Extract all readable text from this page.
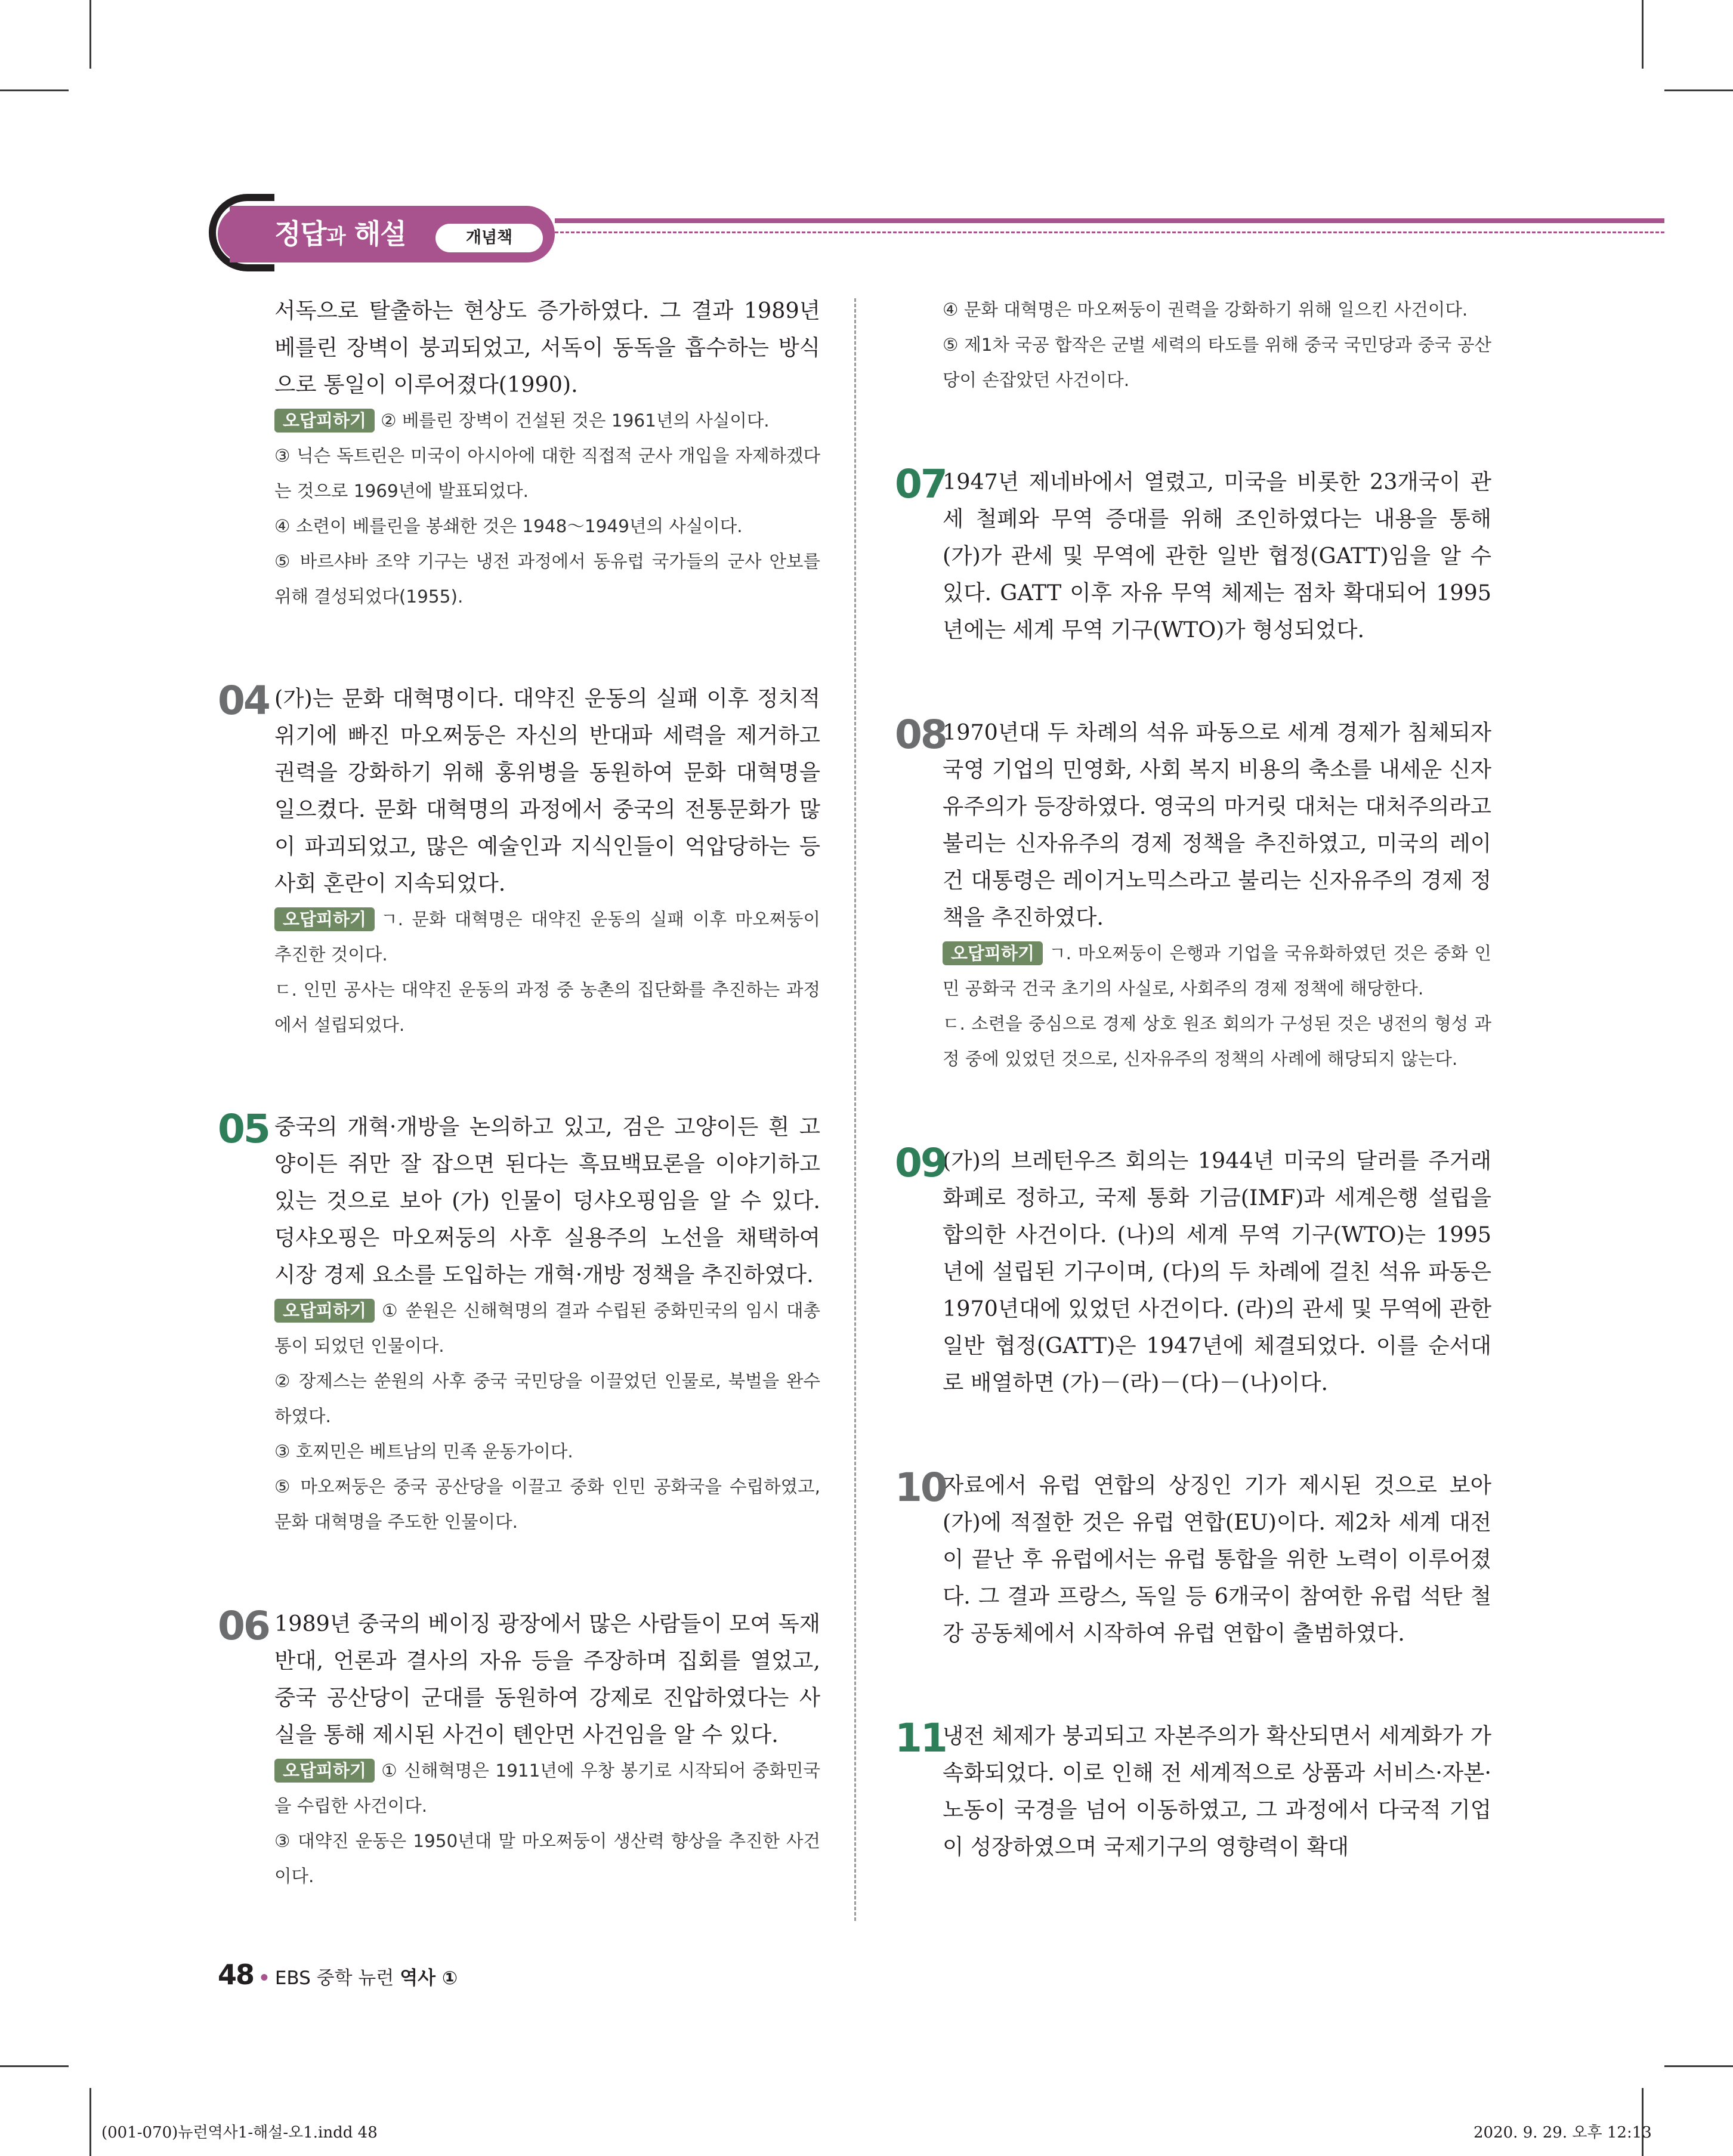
정답과 해설	개념책

서독으로 탈출하는 현상도 증가하였다. 그 결과 1989년 베를린 장벽이 붕괴되었고, 서독이 동독을 흡수하는 방식으로 통일이 이루어졌다(1990).

오답피하기 ② 베를린 장벽이 건설된 것은 1961년의 사실이다.

③ 닉슨 독트린은 미국이 아시아에 대한 직접적 군사 개입을 자제하겠다는 것으로 1969년에 발표되었다.

④ 소련이 베를린을 봉쇄한 것은 1948～1949년의 사실이다.

⑤ 바르샤바 조약 기구는 냉전 과정에서 동유럽 국가들의 군사 안보를 위해 결성되었다(1955).

04 (가)는 문화 대혁명이다. 대약진 운동의 실패 이후 정치적 위기에 빠진 마오쩌둥은 자신의 반대파 세력을 제거하고 권력을 강화하기 위해 홍위병을 동원하여 문화 대혁명을 일으켰다. 문화 대혁명의 과정에서 중국의 전통문화가 많이 파괴되었고, 많은 예술인과 지식인들이 억압당하는 등 사회 혼란이 지속되었다.

오답피하기 ㄱ. 문화 대혁명은 대약진 운동의 실패 이후 마오쩌둥이 추진한 것이다.

ㄷ. 인민 공사는 대약진 운동의 과정 중 농촌의 집단화를 추진하는 과정에서 설립되었다.

05 중국의 개혁·개방을 논의하고 있고, 검은 고양이든 흰 고양이든 쥐만 잘 잡으면 된다는 흑묘백묘론을 이야기하고 있는 것으로 보아 (가) 인물이 덩샤오핑임을 알 수 있다. 덩샤오핑은 마오쩌둥의 사후 실용주의 노선을 채택하여 시장 경제 요소를 도입하는 개혁·개방 정책을 추진하였다.

오답피하기 ① 쑨원은 신해혁명의 결과 수립된 중화민국의 임시 대총통이 되었던 인물이다.

② 장제스는 쑨원의 사후 중국 국민당을 이끌었던 인물로, 북벌을 완수하였다.

③ 호찌민은 베트남의 민족 운동가이다.

⑤ 마오쩌둥은 중국 공산당을 이끌고 중화 인민 공화국을 수립하였고, 문화 대혁명을 주도한 인물이다.

06 1989년 중국의 베이징 광장에서 많은 사람들이 모여 독재 반대, 언론과 결사의 자유 등을 주장하며 집회를 열었고, 중국 공산당이 군대를 동원하여 강제로 진압하였다는 사실을 통해 제시된 사건이 톈안먼 사건임을 알 수 있다.

오답피하기 ① 신해혁명은 1911년에 우창 봉기로 시작되어 중화민국을 수립한 사건이다.

③ 대약진 운동은 1950년대 말 마오쩌둥이 생산력 향상을 추진한 사건이다.

④ 문화 대혁명은 마오쩌둥이 권력을 강화하기 위해 일으킨 사건이다.

⑤ 제1차 국공 합작은 군벌 세력의 타도를 위해 중국 국민당과 중국 공산당이 손잡았던 사건이다.

07

1947년 제네바에서 열렸고, 미국을 비롯한 23개국이 관세 철폐와 무역 증대를 위해 조인하였다는 내용을 통해 (가)가 관세 및 무역에 관한 일반 협정(GATT)임을 알 수 있다. GATT 이후 자유 무역 체제는 점차 확대되어 1995년에는 세계 무역 기구(WTO)가 형성되었다.

08

1970년대 두 차례의 석유 파동으로 세계 경제가 침체되자 국영 기업의 민영화, 사회 복지 비용의 축소를 내세운 신자유주의가 등장하였다. 영국의 마거릿 대처는 대처주의라고 불리는 신자유주의 경제 정책을 추진하였고, 미국의 레이건 대통령은 레이거노믹스라고 불리는 신자유주의 경제 정책을 추진하였다.

오답피하기 ㄱ. 마오쩌둥이 은행과 기업을 국유화하였던 것은 중화 인민 공화국 건국 초기의 사실로, 사회주의 경제 정책에 해당한다.

ㄷ. 소련을 중심으로 경제 상호 원조 회의가 구성된 것은 냉전의 형성 과정 중에 있었던 것으로, 신자유주의 정책의 사례에 해당되지 않는다.

09

(가)의 브레턴우즈 회의는 1944년 미국의 달러를 주거래 화폐로 정하고, 국제 통화 기금(IMF)과 세계은행 설립을 합의한 사건이다. (나)의 세계 무역 기구(WTO)는 1995년에 설립된 기구이며, (다)의 두 차례에 걸친 석유 파동은 1970년대에 있었던 사건이다. (라)의 관세 및 무역에 관한 일반 협정(GATT)은 1947년에 체결되었다. 이를 순서대로 배열하면 (가)－(라)－(다)－(나)이다.

10

자료에서 유럽 연합의 상징인 기가 제시된 것으로 보아 (가)에 적절한 것은 유럽 연합(EU)이다. 제2차 세계 대전이 끝난 후 유럽에서는 유럽 통합을 위한 노력이 이루어졌다. 그 결과 프랑스, 독일 등 6개국이 참여한 유럽 석탄 철강 공동체에서 시작하여 유럽 연합이 출범하였다.

11

냉전 체제가 붕괴되고 자본주의가 확산되면서 세계화가 가속화되었다. 이로 인해 전 세계적으로 상품과 서비스·자본·노동이 국경을 넘어 이동하였고, 그 과정에서 다국적 기업이 성장하였으며 국제기구의 영향력이 확대

48 • EBS 중학 뉴런 역사 ①
(001-070)뉴런역사1-해설-오1.indd 48	2020. 9. 29. 오후 12:13
